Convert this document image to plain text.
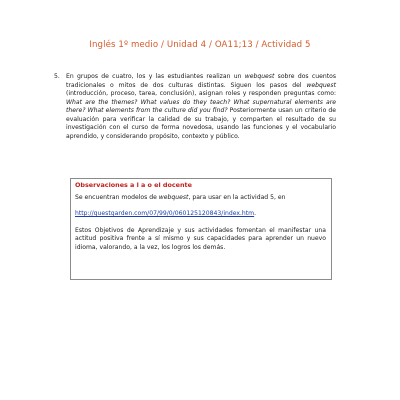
Inglés 1º medio / Unidad 4 / OA11;13 / Actividad 5
5. En grupos de cuatro, los y las estudiantes realizan un webquest sobre dos cuentos tradicionales o mitos de dos culturas distintas. Siguen los pasos del webquest (introducción, proceso, tarea, conclusión), asignan roles y responden preguntas como: What are the themes? What values do they teach? What supernatural elements are there? What elements from the culture did you find? Posteriormente usan un criterio de evaluación para verificar la calidad de su trabajo, y comparten el resultado de su investigación con el curso de forma novedosa, usando las funciones y el vocabulario aprendido, y considerando propósito, contexto y público.
Observaciones a l a o el docente

Se encuentran modelos de webquest, para usar en la actividad 5, en

http://questgarden.com/07/99/0/060125120843/index.htm.

Estos Objetivos de Aprendizaje y sus actividades fomentan el manifestar una actitud positiva frente a sí mismo y sus capacidades para aprender un nuevo idioma, valorando, a la vez, los logros los demás.
